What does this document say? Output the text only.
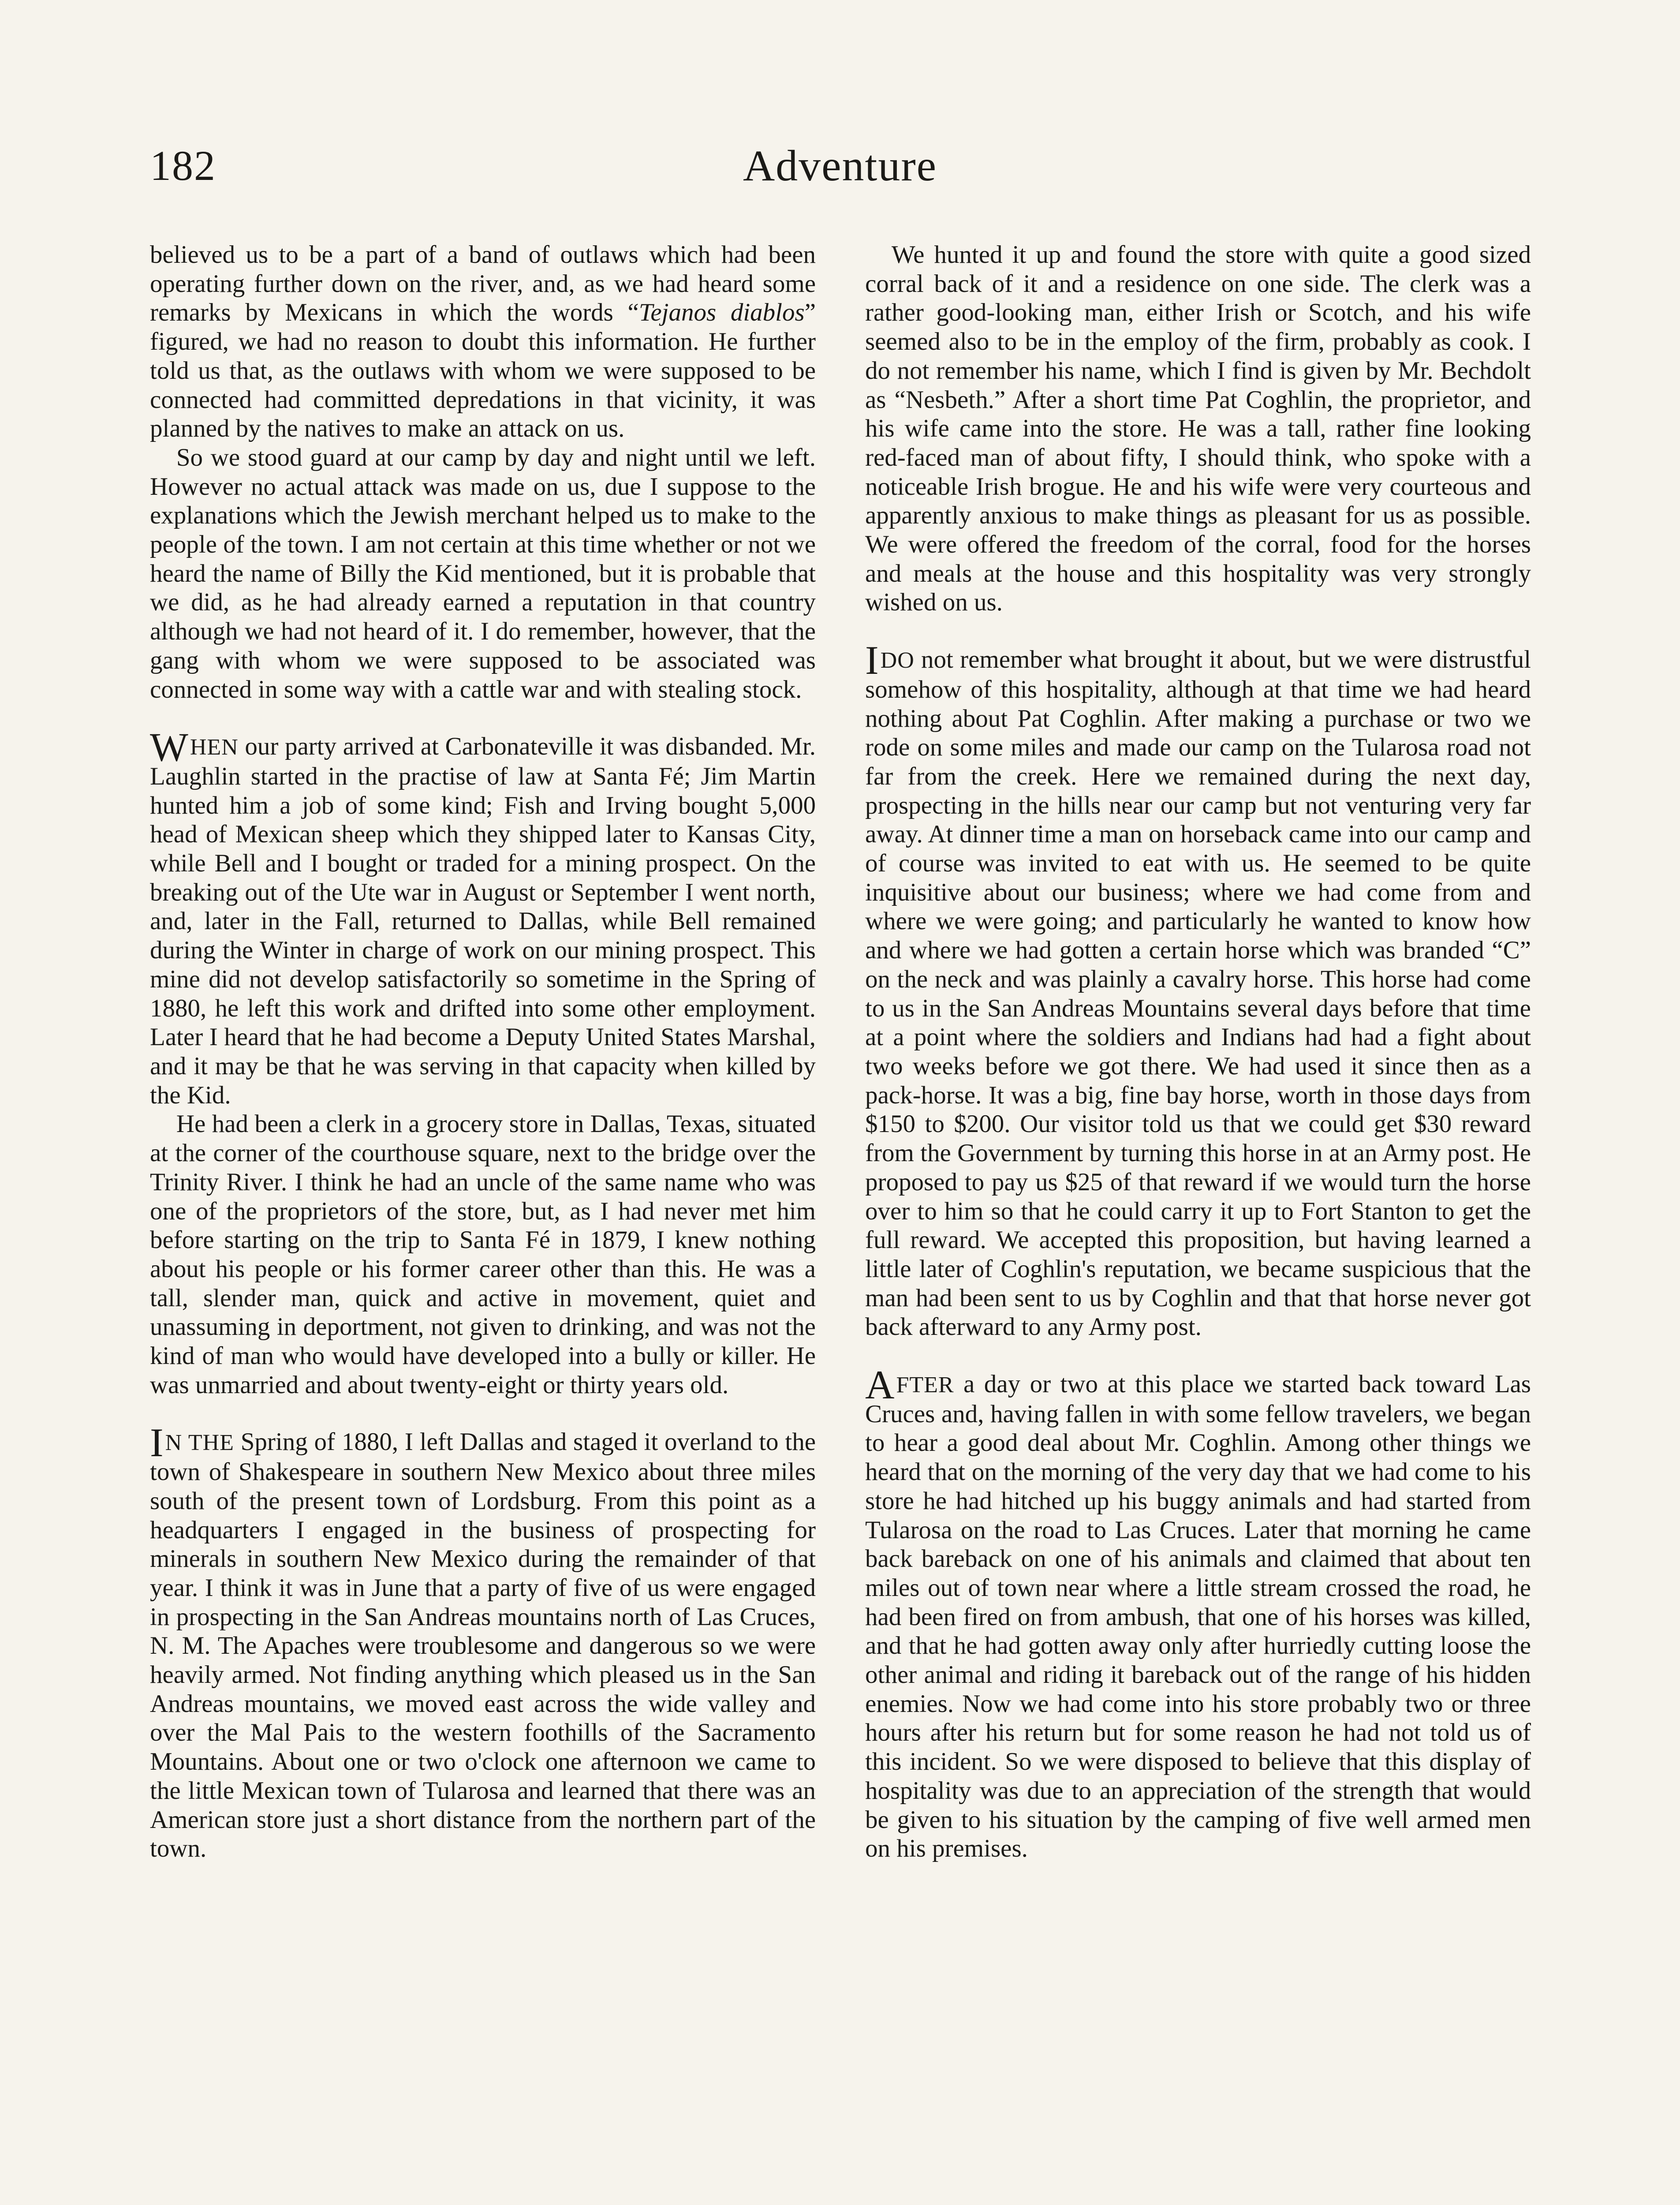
182	Adventure

believed us to be a part of a band of outlaws which had been operating further down on the river, and, as we had heard some remarks by Mexicans in which the words “Tejanos diablos” figured, we had no reason to doubt this information. He further told us that, as the outlaws with whom we were supposed to be connected had committed depredations in that vicinity, it was planned by the natives to make an attack on us.

So we stood guard at our camp by day and night until we left. However no actual attack was made on us, due I suppose to the explanations which the Jewish merchant helped us to make to the people of the town. I am not certain at this time whether or not we heard the name of Billy the Kid mentioned, but it is probable that we did, as he had already earned a reputation in that country although we had not heard of it. I do remember, however, that the gang with whom we were supposed to be associated was connected in some way with a cattle war and with stealing stock.

WHEN our party arrived at Carbonateville it was disbanded. Mr. Laughlin started in the practise of law at Santa Fé; Jim Martin hunted him a job of some kind; Fish and Irving bought 5,000 head of Mexican sheep which they shipped later to Kansas City, while Bell and I bought or traded for a mining prospect. On the breaking out of the Ute war in August or September I went north, and, later in the Fall, returned to Dallas, while Bell remained during the Winter in charge of work on our mining prospect. This mine did not develop satisfactorily so sometime in the Spring of 1880, he left this work and drifted into some other employment. Later I heard that he had become a Deputy United States Marshal, and it may be that he was serving in that capacity when killed by the Kid.

He had been a clerk in a grocery store in Dallas, Texas, situated at the corner of the courthouse square, next to the bridge over the Trinity River. I think he had an uncle of the same name who was one of the proprietors of the store, but, as I had never met him before starting on the trip to Santa Fé in 1879, I knew nothing about his people or his former career other than this. He was a tall, slender man, quick and active in movement, quiet and unassuming in deportment, not given to drinking, and was not the kind of man who would have developed into a bully or killer. He was unmarried and about twenty-eight or thirty years old.

IN THE Spring of 1880, I left Dallas and staged it overland to the town of Shakespeare in southern New Mexico about three miles south of the present town of Lordsburg. From this point as a headquarters I engaged in the business of prospecting for minerals in southern New Mexico during the remainder of that year. I think it was in June that a party of five of us were engaged in prospecting in the San Andreas mountains north of Las Cruces, N. M. The Apaches were troublesome and dangerous so we were heavily armed. Not finding anything which pleased us in the San Andreas mountains, we moved east across the wide valley and over the Mal Pais to the western foothills of the Sacramento Mountains. About one or two o'clock one afternoon we came to the little Mexican town of Tularosa and learned that there was an American store just a short distance from the northern part of the town.

We hunted it up and found the store with quite a good sized corral back of it and a residence on one side. The clerk was a rather good-looking man, either Irish or Scotch, and his wife seemed also to be in the employ of the firm, probably as cook. I do not remember his name, which I find is given by Mr. Bechdolt as “Nesbeth.” After a short time Pat Coghlin, the proprietor, and his wife came into the store. He was a tall, rather fine looking red-faced man of about fifty, I should think, who spoke with a noticeable Irish brogue. He and his wife were very courteous and apparently anxious to make things as pleasant for us as possible. We were offered the freedom of the corral, food for the horses and meals at the house and this hospitality was very strongly wished on us.

IDO not remember what brought it about, but we were distrustful somehow of this hospitality, although at that time we had heard nothing about Pat Coghlin. After making a purchase or two we rode on some miles and made our camp on the Tularosa road not far from the creek. Here we remained during the next day, prospecting in the hills near our camp but not venturing very far away. At dinner time a man on horseback came into our camp and of course was invited to eat with us. He seemed to be quite inquisitive about our business; where we had come from and where we were going; and particularly he wanted to know how and where we had gotten a certain horse which was branded “C” on the neck and was plainly a cavalry horse. This horse had come to us in the San Andreas Mountains several days before that time at a point where the soldiers and Indians had had a fight about two weeks before we got there. We had used it since then as a pack-horse. It was a big, fine bay horse, worth in those days from $150 to $200. Our visitor told us that we could get $30 reward from the Government by turning this horse in at an Army post. He proposed to pay us $25 of that reward if we would turn the horse over to him so that he could carry it up to Fort Stanton to get the full reward. We accepted this proposition, but having learned a little later of Coghlin's reputation, we became suspicious that the man had been sent to us by Coghlin and that that horse never got back afterward to any Army post.

AFTER a day or two at this place we started back toward Las Cruces and, having fallen in with some fellow travelers, we began to hear a good deal about Mr. Coghlin. Among other things we heard that on the morning of the very day that we had come to his store he had hitched up his buggy animals and had started from Tularosa on the road to Las Cruces. Later that morning he came back bareback on one of his animals and claimed that about ten miles out of town near where a little stream crossed the road, he had been fired on from ambush, that one of his horses was killed, and that he had gotten away only after hurriedly cutting loose the other animal and riding it bareback out of the range of his hidden enemies. Now we had come into his store probably two or three hours after his return but for some reason he had not told us of this incident. So we were disposed to believe that this display of hospitality was due to an appreciation of the strength that would be given to his situation by the camping of five well armed men on his premises.
